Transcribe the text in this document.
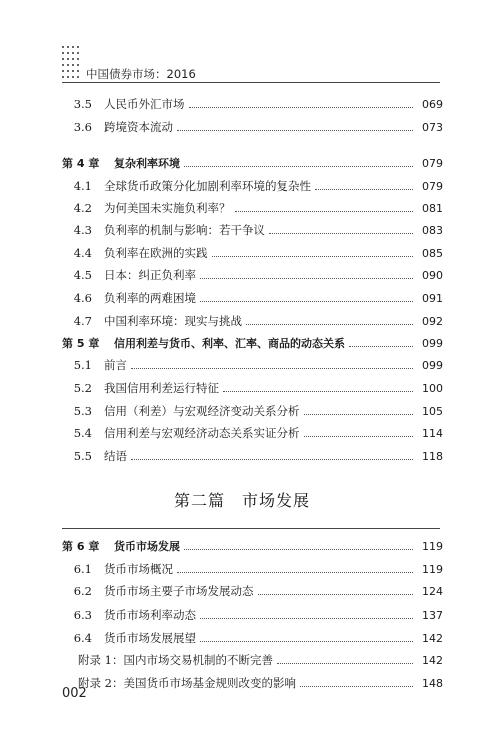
中国债券市场：2016
3.5	人民币外汇市场	069
3.6	跨境资本流动	073
第 4 章	复杂利率环境	079
4.1	全球货币政策分化加剧利率环境的复杂性	079
4.2	为何美国未实施负利率？	081
4.3	负利率的机制与影响：若干争议	083
4.4	负利率在欧洲的实践	085
4.5	日本：纠正负利率	090
4.6	负利率的两难困境	091
4.7	中国利率环境：现实与挑战	092
第 5 章	信用利差与货币、利率、汇率、商品的动态关系	099
5.1	前言	099
5.2	我国信用利差运行特征	100
5.3	信用（利差）与宏观经济变动关系分析	105
5.4	信用利差与宏观经济动态关系实证分析	114
5.5	结语	118
第 6 章	货币市场发展	119
6.1	货币市场概况	119
6.2	货币市场主要子市场发展动态	124
6.3	货币市场利率动态	137
6.4	货币市场发展展望	142
附录 1：国内市场交易机制的不断完善	142
附录 2：美国货币市场基金规则改变的影响	148
第二篇　市场发展
002
